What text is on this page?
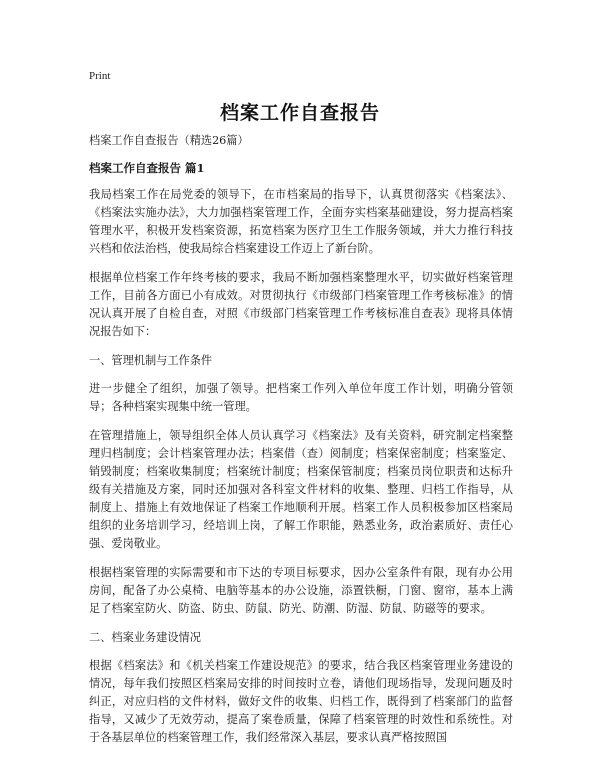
Print
档案工作自查报告

档案工作自查报告（精选26篇）

档案工作自查报告 篇1

我局档案工作在局党委的领导下，在市档案局的指导下，认真贯彻落实《档案法》、《档案法实施办法》，大力加强档案管理工作，全面夯实档案基础建设，努力提高档案管理水平，积极开发档案资源，拓宽档案为医疗卫生工作服务领域，并大力推行科技兴档和依法治档，使我局综合档案建设工作迈上了新台阶。

根据单位档案工作年终考核的要求，我局不断加强档案整理水平，切实做好档案管理工作，目前各方面已小有成效。对贯彻执行《市级部门档案管理工作考核标准》的情况认真开展了自检自查，对照《市级部门档案管理工作考核标准自查表》现将具体情况报告如下：

一、管理机制与工作条件

进一步健全了组织，加强了领导。把档案工作列入单位年度工作计划，明确分管领导；各种档案实现集中统一管理。

在管理措施上，领导组织全体人员认真学习《档案法》及有关资料，研究制定档案整理归档制度；会计档案管理办法；档案借（查）阅制度；档案保密制度；档案鉴定、销毁制度；档案收集制度；档案统计制度；档案保管制度；档案员岗位职责和达标升级有关措施及方案，同时还加强对各科室文件材料的收集、整理、归档工作指导，从制度上、措施上有效地保证了档案工作地顺利开展。档案工作人员积极参加区档案局组织的业务培训学习，经培训上岗，了解工作职能，熟悉业务，政治素质好、责任心强、爱岗敬业。

根据档案管理的实际需要和市下达的专项目标要求，因办公室条件有限，现有办公用房间，配备了办公桌椅、电脑等基本的办公设施，添置铁橱，门窗、窗帘，基本上满足了档案室防火、防盗、防虫、防鼠、防光、防潮、防湿、防鼠、防磁等的要求。

二、档案业务建设情况

根据《档案法》和《机关档案工作建设规范》的要求，结合我区档案管理业务建设的情况，每年我们按照区档案局安排的时间按时立卷，请他们现场指导，发现问题及时纠正，对应归档的文件材料，做好文件的收集、归档工作，既得到了档案部门的监督指导，又减少了无效劳动，提高了案卷质量，保障了档案管理的时效性和系统性。对于各基层单位的档案管理工作，我们经常深入基层，要求认真严格按照国
